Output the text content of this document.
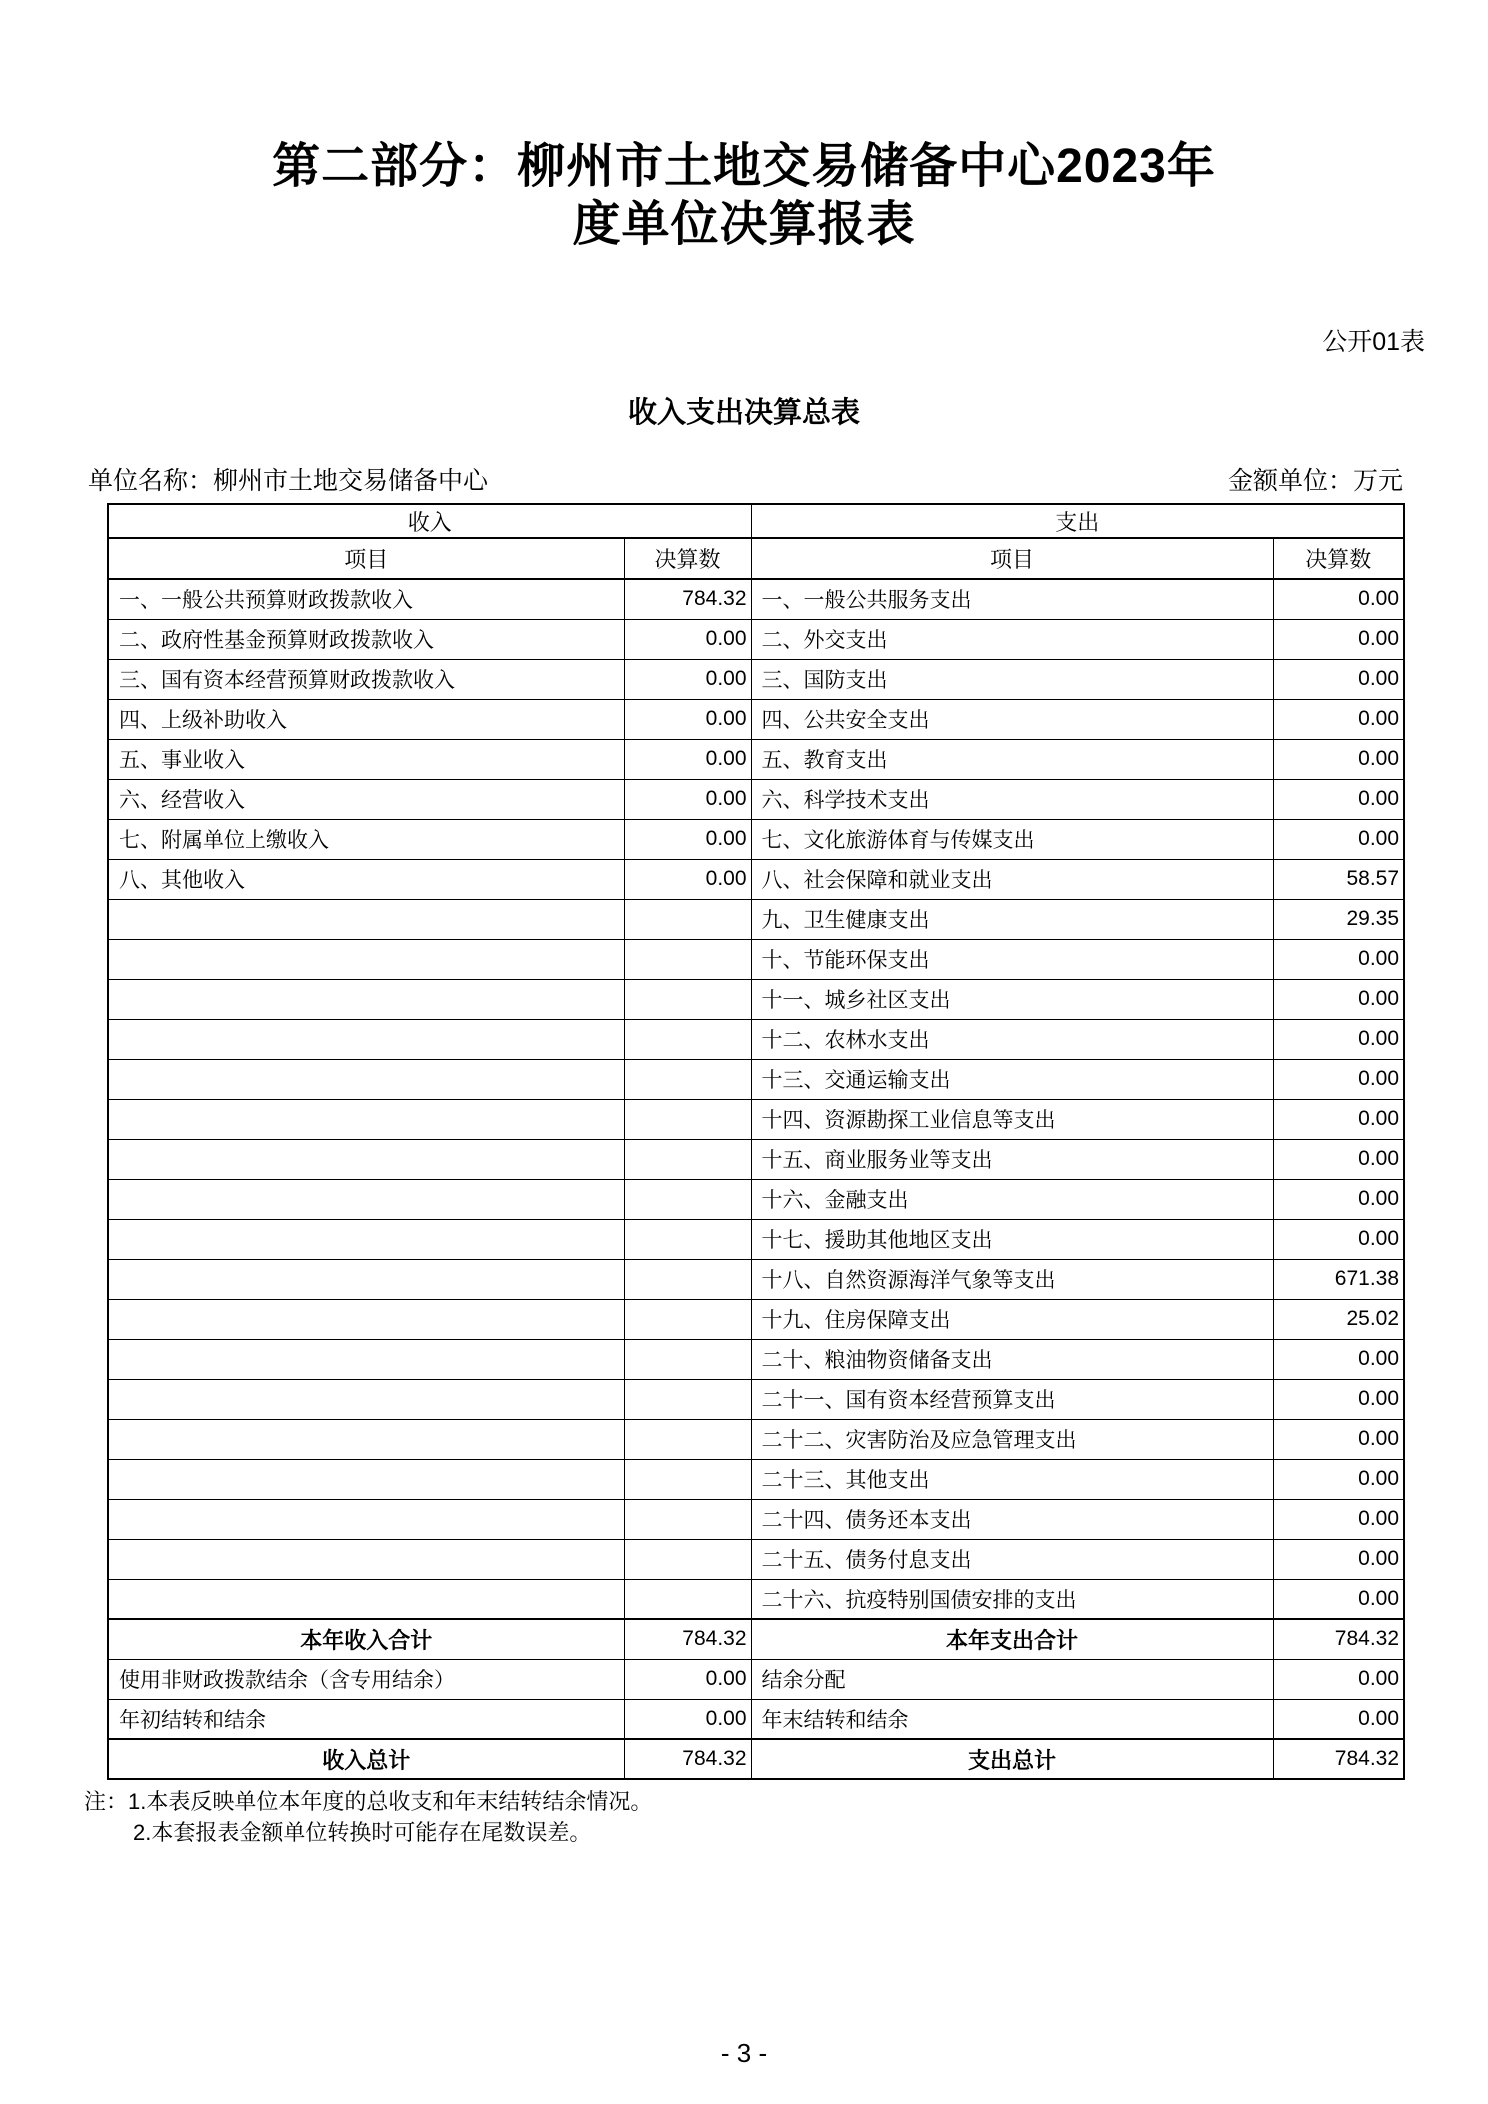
第二部分：柳州市土地交易储备中心2023年
度单位决算报表
公开01表
收入支出决算总表
单位名称：柳州市土地交易储备中心	金额单位：万元
收入		支出	
项目	决算数	项目	决算数
一、一般公共预算财政拨款收入	784.32	一、一般公共服务支出	0.00
二、政府性基金预算财政拨款收入	0.00	二、外交支出	0.00
三、国有资本经营预算财政拨款收入	0.00	三、国防支出	0.00
四、上级补助收入	0.00	四、公共安全支出	0.00
五、事业收入	0.00	五、教育支出	0.00
六、经营收入	0.00	六、科学技术支出	0.00
七、附属单位上缴收入	0.00	七、文化旅游体育与传媒支出	0.00
八、其他收入	0.00	八、社会保障和就业支出	58.57
		九、卫生健康支出	29.35
		十、节能环保支出	0.00
		十一、城乡社区支出	0.00
		十二、农林水支出	0.00
		十三、交通运输支出	0.00
		十四、资源勘探工业信息等支出	0.00
		十五、商业服务业等支出	0.00
		十六、金融支出	0.00
		十七、援助其他地区支出	0.00
		十八、自然资源海洋气象等支出	671.38
		十九、住房保障支出	25.02
		二十、粮油物资储备支出	0.00
		二十一、国有资本经营预算支出	0.00
		二十二、灾害防治及应急管理支出	0.00
		二十三、其他支出	0.00
		二十四、债务还本支出	0.00
		二十五、债务付息支出	0.00
		二十六、抗疫特别国债安排的支出	0.00
本年收入合计	784.32	本年支出合计	784.32
使用非财政拨款结余（含专用结余）	0.00	结余分配	0.00
年初结转和结余	0.00	年末结转和结余	0.00
收入总计	784.32	支出总计	784.32
注：1.本表反映单位本年度的总收支和年末结转结余情况。
2.本套报表金额单位转换时可能存在尾数误差。
- 3 -
